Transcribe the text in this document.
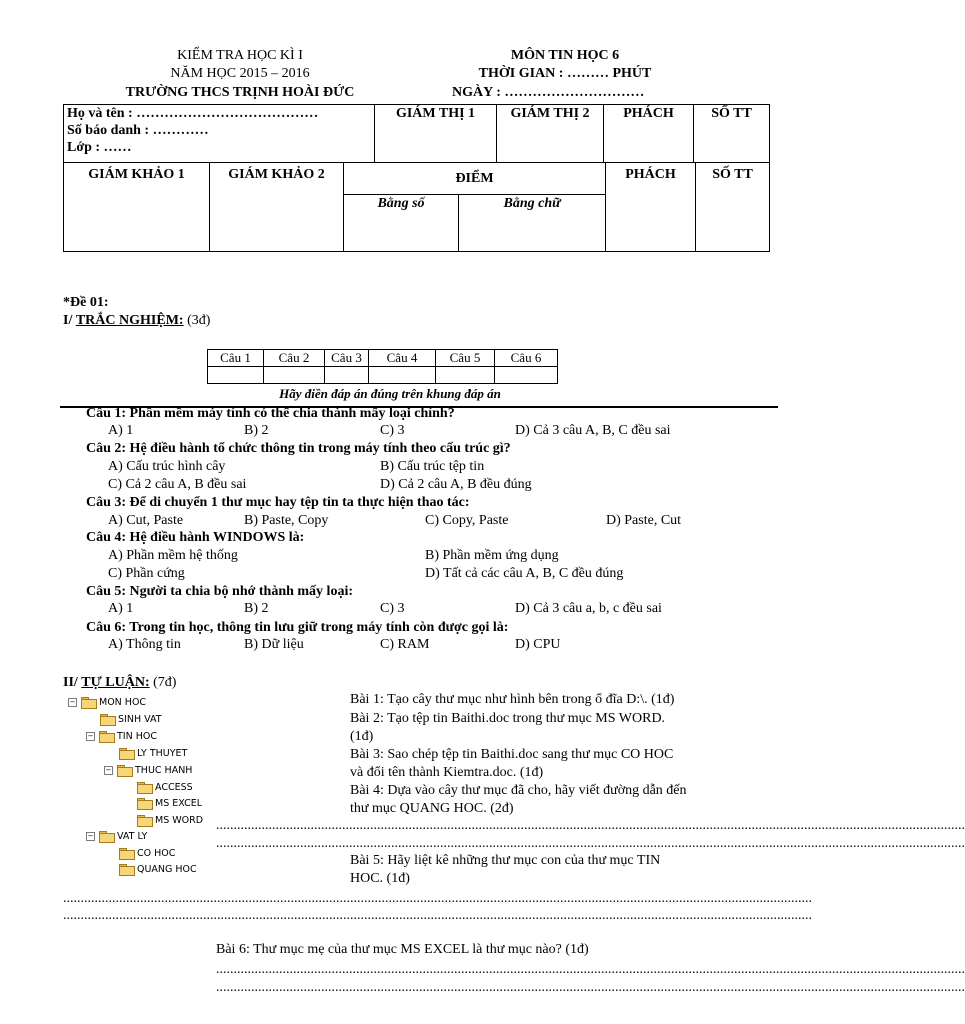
KIỂM TRA HỌC KÌ I
NĂM HỌC 2015 – 2016
TRƯỜNG THCS TRỊNH HOÀI ĐỨC
MÔN TIN HỌC 6
THỜI GIAN : ……… PHÚT
NGÀY : …………………………
Họ và tên : …………………………………
Số báo danh : …………
Lớp : ……
	GIÁM THỊ 1	GIÁM THỊ 2	PHÁCH	SỐ TT
GIÁM KHẢO 1	GIÁM KHẢO 2	ĐIỂM		PHÁCH	SỐ TT
		Bằng số	Bằng chữ		
*Đề 01:
I/ TRẮC NGHIỆM: (3đ)
Câu 1	Câu 2	Câu 3	Câu 4	Câu 5	Câu 6

Hãy điền đáp án đúng trên khung đáp án
Câu 1: Phần mềm máy tính có thể chia thành mấy loại chính?
A) 1	B) 2	C) 3	D) Cả 3 câu A, B, C đều sai
Câu 2: Hệ điều hành tổ chức thông tin trong máy tính theo cấu trúc gì?
A) Cấu trúc hình cây	B) Cấu trúc tệp tin
C) Cả 2 câu A, B đều sai	D) Cả 2 câu A, B đều đúng
Câu 3: Để di chuyển 1 thư mục hay tệp tin ta thực hiện thao tác:
A) Cut, Paste	B) Paste, Copy	C) Copy, Paste	D) Paste, Cut
Câu 4: Hệ điều hành WINDOWS là:
A) Phần mềm hệ thống	B) Phần mềm ứng dụng
C) Phần cứng	D) Tất cả các câu A, B, C đều đúng
Câu 5: Người ta chia bộ nhớ thành mấy loại:
A) 1	B) 2	C) 3	D) Cả 3 câu a, b, c đều sai
Câu 6: Trong tin học, thông tin lưu giữ trong máy tính còn được gọi là:
A) Thông tin	B) Dữ liệu	C) RAM	D) CPU
II/ TỰ LUẬN: (7đ)
− MON HOC
SINH VAT
− TIN HOC
LY THUYET
− THUC HANH
ACCESS
MS EXCEL
MS WORD
− VAT LY
CO HOC
QUANG HOC
Bài 1: Tạo cây thư mục như hình bên trong ổ đĩa D:\. (1đ)
Bài 2: Tạo tệp tin Baithi.doc trong thư mục MS WORD.
(1đ)
Bài 3: Sao chép tệp tin Baithi.doc sang thư mục CO HOC
và đổi tên thành Kiemtra.doc. (1đ)
Bài 4: Dựa vào cây thư mục đã cho, hãy viết đường dẫn đến
thư mục QUANG HOC. (2đ)
......................................................................................................................................................................................................................
......................................................................................................................................................................................................................
Bài 5: Hãy liệt kê những thư mục con của thư mục TIN
HOC. (1đ)
......................................................................................................................................................................................................................
......................................................................................................................................................................................................................
Bài 6: Thư mục mẹ của thư mục MS EXCEL là thư mục nào? (1đ)
......................................................................................................................................................................................................................
......................................................................................................................................................................................................................
